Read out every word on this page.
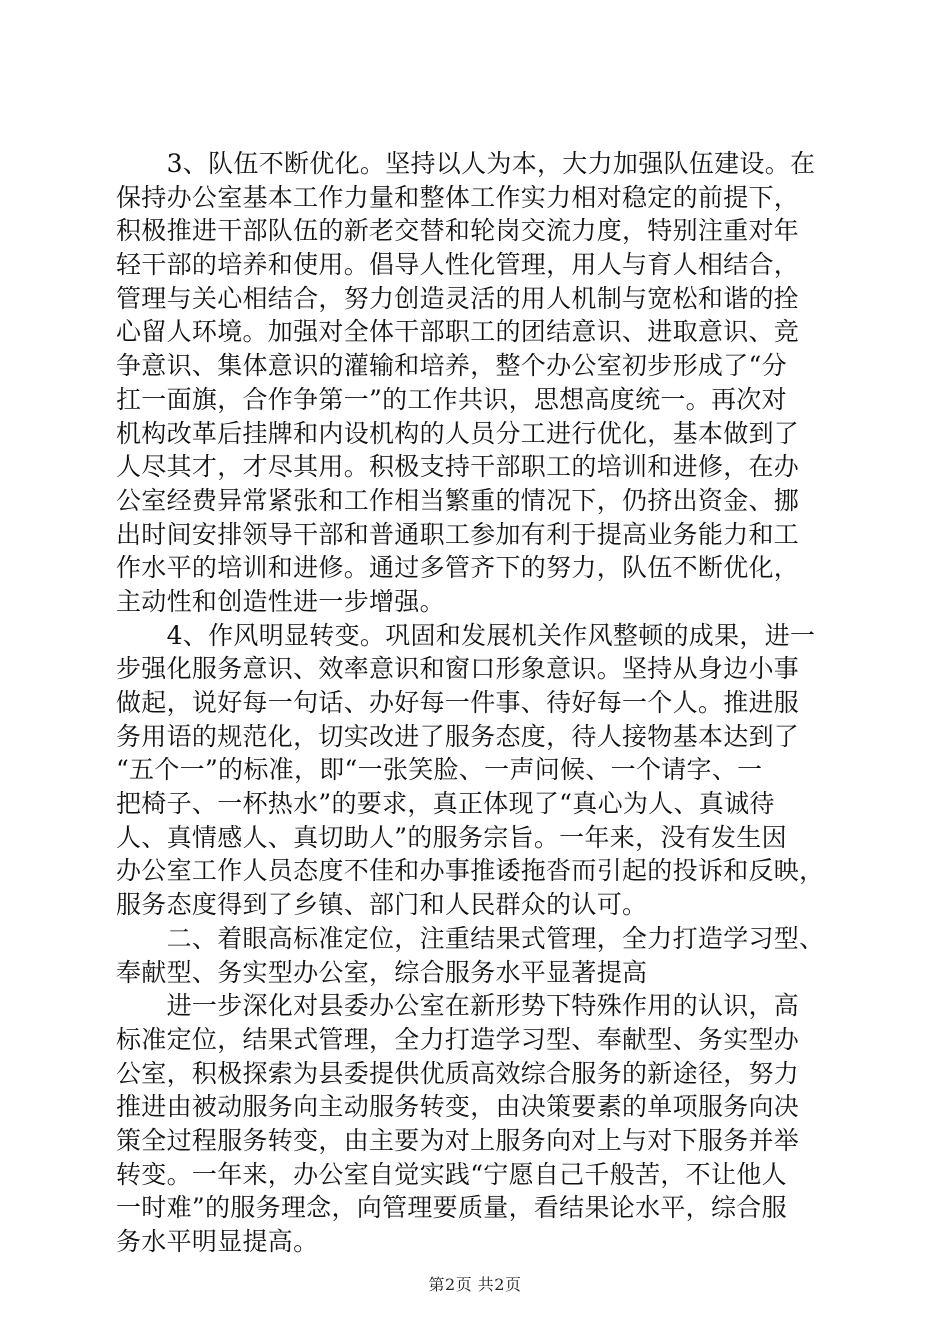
　　3、队伍不断优化。坚持以人为本，大力加强队伍建设。在
保持办公室基本工作力量和整体工作实力相对稳定的前提下，
积极推进干部队伍的新老交替和轮岗交流力度，特别注重对年
轻干部的培养和使用。倡导人性化管理，用人与育人相结合，
管理与关心相结合，努力创造灵活的用人机制与宽松和谐的拴
心留人环境。加强对全体干部职工的团结意识、进取意识、竞
争意识、集体意识的灌输和培养，整个办公室初步形成了“分
扛一面旗，合作争第一”的工作共识，思想高度统一。再次对
机构改革后挂牌和内设机构的人员分工进行优化，基本做到了
人尽其才，才尽其用。积极支持干部职工的培训和进修，在办
公室经费异常紧张和工作相当繁重的情况下，仍挤出资金、挪
出时间安排领导干部和普通职工参加有利于提高业务能力和工
作水平的培训和进修。通过多管齐下的努力，队伍不断优化，
主动性和创造性进一步增强。
　　4、作风明显转变。巩固和发展机关作风整顿的成果，进一
步强化服务意识、效率意识和窗口形象意识。坚持从身边小事
做起，说好每一句话、办好每一件事、待好每一个人。推进服
务用语的规范化，切实改进了服务态度，待人接物基本达到了
“五个一”的标准，即“一张笑脸、一声问候、一个请字、一
把椅子、一杯热水”的要求，真正体现了“真心为人、真诚待
人、真情感人、真切助人”的服务宗旨。一年来，没有发生因
办公室工作人员态度不佳和办事推诿拖沓而引起的投诉和反映，
服务态度得到了乡镇、部门和人民群众的认可。
　　二、着眼高标准定位，注重结果式管理，全力打造学习型、
奉献型、务实型办公室，综合服务水平显著提高
　　进一步深化对县委办公室在新形势下特殊作用的认识，高
标准定位，结果式管理，全力打造学习型、奉献型、务实型办
公室，积极探索为县委提供优质高效综合服务的新途径，努力
推进由被动服务向主动服务转变，由决策要素的单项服务向决
策全过程服务转变，由主要为对上服务向对上与对下服务并举
转变。一年来，办公室自觉实践“宁愿自己千般苦，不让他人
一时难”的服务理念，向管理要质量，看结果论水平，综合服
务水平明显提高。
第2页 共2页
